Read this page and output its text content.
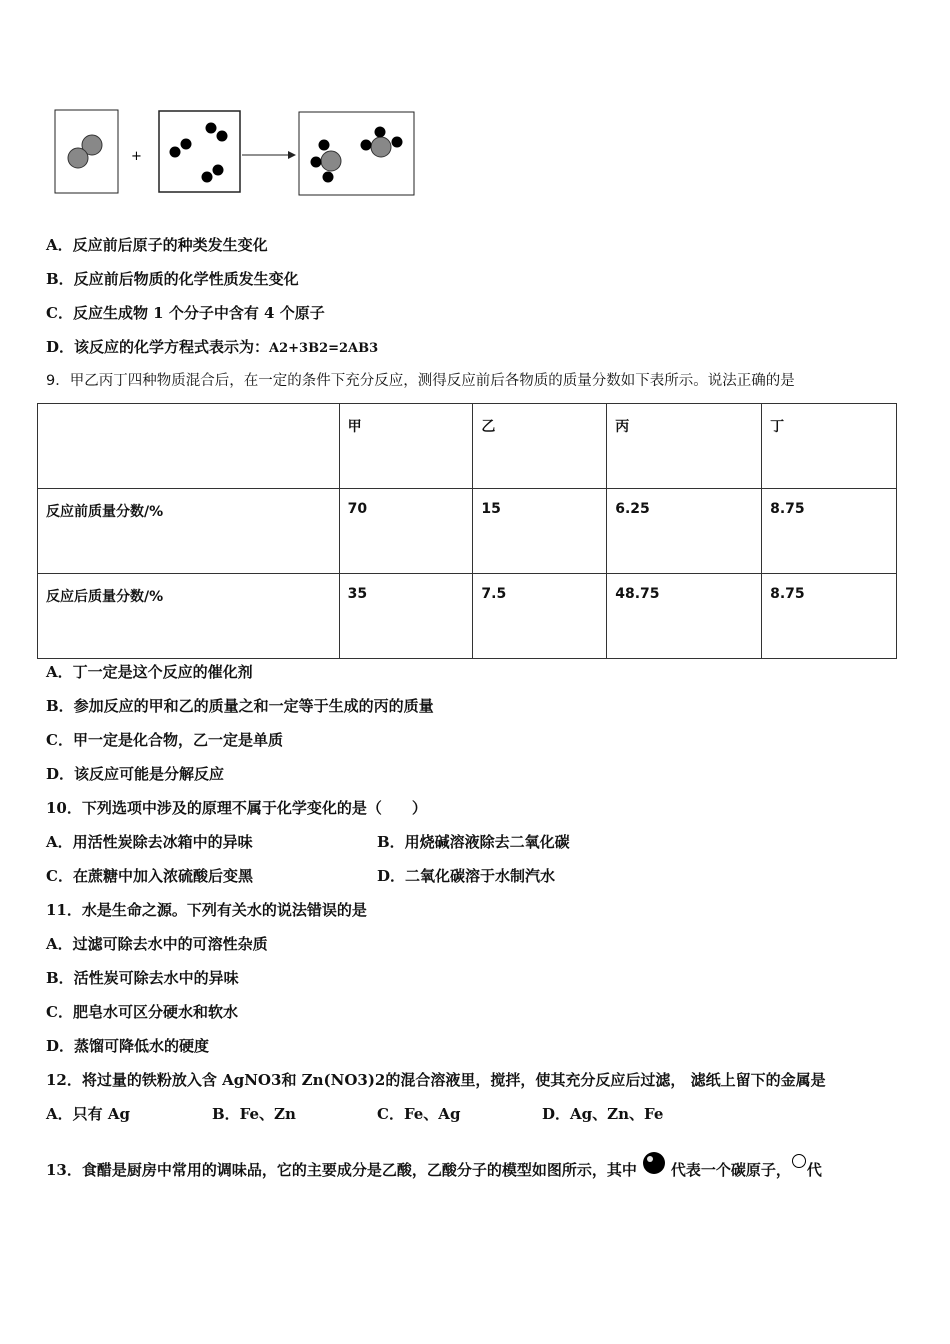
+
A．反应前后原子的种类发生变化
B．反应前后物质的化学性质发生变化
C．反应生成物 1 个分子中含有 4 个原子
D．该反应的化学方程式表示为：A2+3B2=2AB3
9．甲乙丙丁四种物质混合后，在一定的条件下充分反应，测得反应前后各物质的质量分数如下表所示。说法正确的是
	甲	乙	丙	丁
反应前质量分数/%	70	15	6.25	8.75
反应后质量分数/%	35	7.5	48.75	8.75
A．丁一定是这个反应的催化剂
B．参加反应的甲和乙的质量之和一定等于生成的丙的质量
C．甲一定是化合物，乙一定是单质
D．该反应可能是分解反应
10．下列选项中涉及的原理不属于化学变化的是（　　）
A．用活性炭除去冰箱中的异味	B．用烧碱溶液除去二氧化碳
C．在蔗糖中加入浓硫酸后变黑	D．二氧化碳溶于水制汽水
11．水是生命之源。下列有关水的说法错误的是
A．过滤可除去水中的可溶性杂质
B．活性炭可除去水中的异味
C．肥皂水可区分硬水和软水
D．蒸馏可降低水的硬度
12．将过量的铁粉放入含 AgNO3和 Zn(NO3)2的混合溶液里，搅拌，使其充分反应后过滤， 滤纸上留下的金属是
A．只有 Ag	B．Fe、Zn	C．Fe、Ag	D．Ag、Zn、Fe
13．食醋是厨房中常用的调味品，它的主要成分是乙酸，乙酸分子的模型如图所示，其中 代表一个碳原子， 代
